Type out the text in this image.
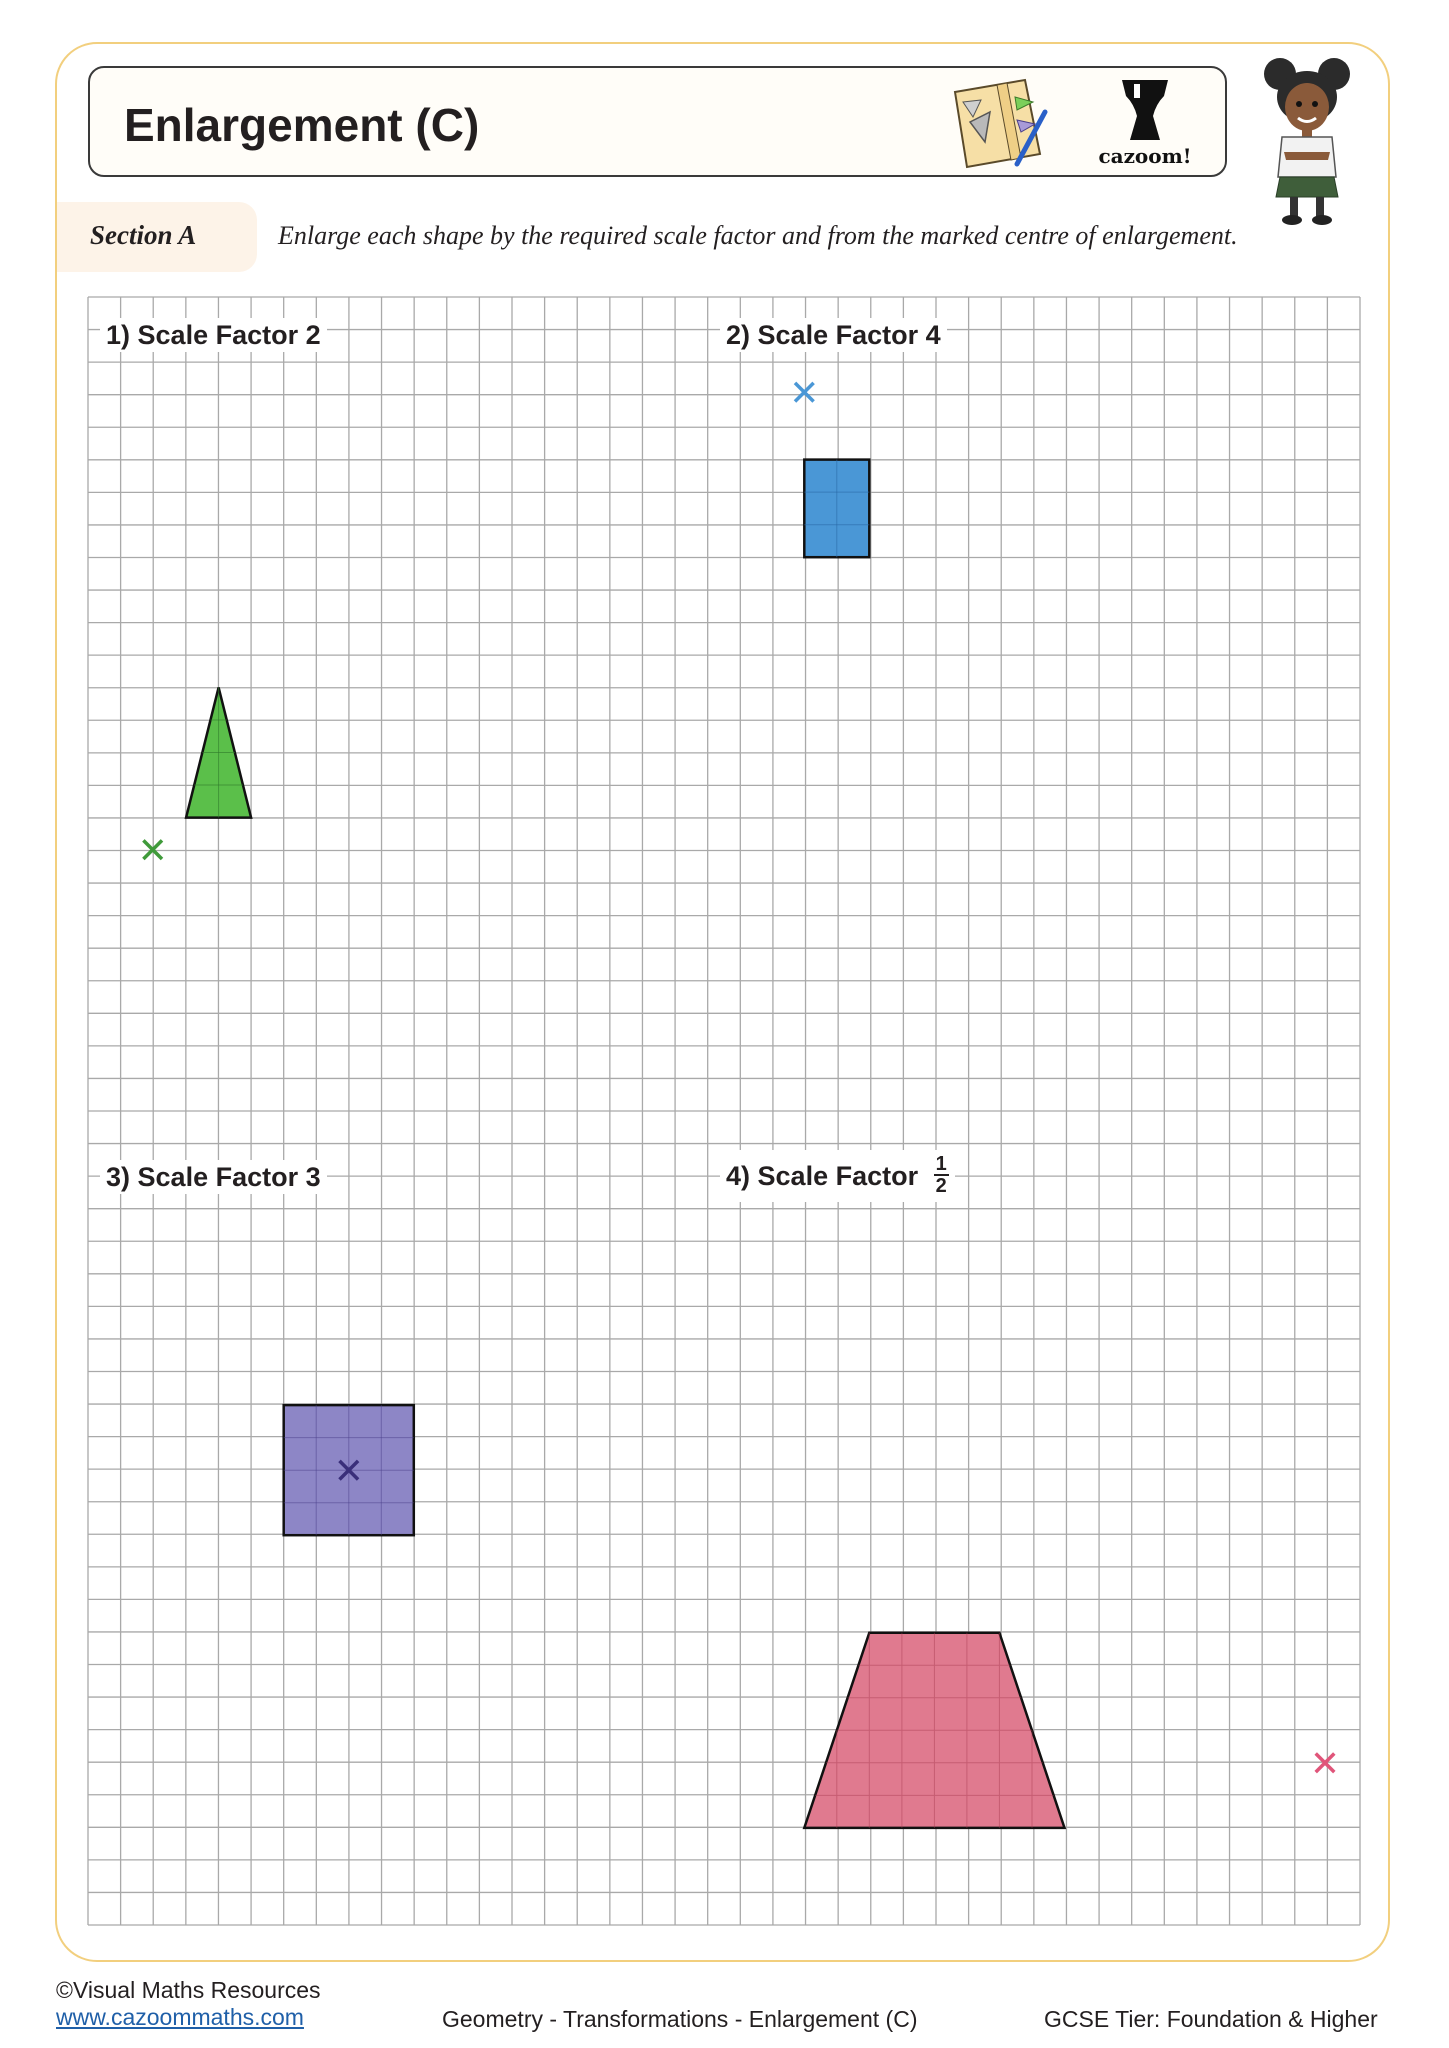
Enlargement (C)
cazoom!
Section A	Enlarge each shape by the required scale factor and from the marked centre of enlargement.
1) Scale Factor 2	2) Scale Factor 4
3) Scale Factor 3	4) Scale Factor $\frac{1}{2}$
©Visual Maths Resources
www.cazoommaths.com	Geometry - Transformations - Enlargement (C)	GCSE Tier: Foundation & Higher
